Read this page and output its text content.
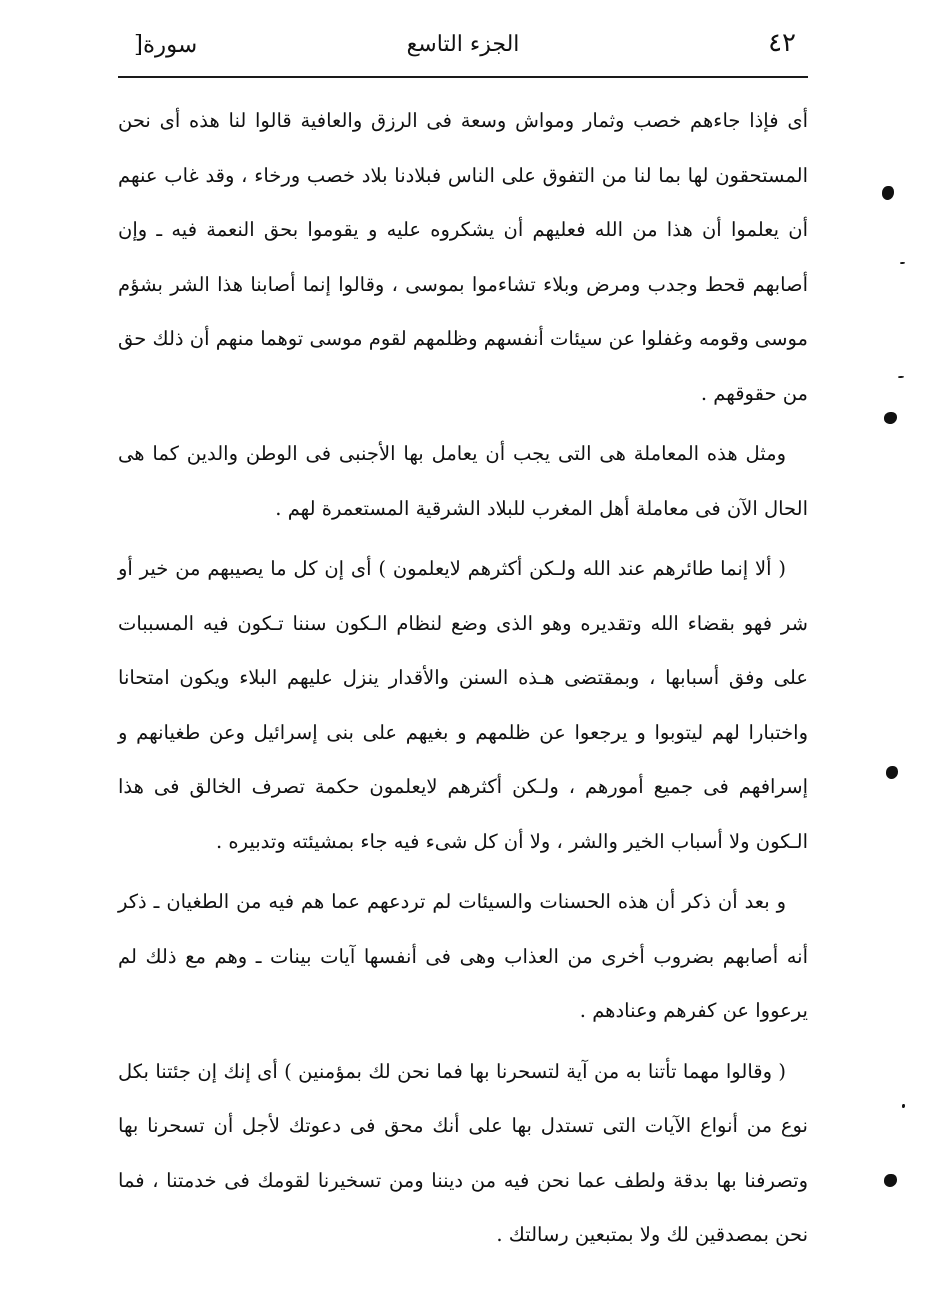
٤٢
الجزء التاسع
سورة[

أى فإذا جاءهم خصب وثمار ومواش وسعة فى الرزق والعافية قالوا لنا هذه أى نحن المستحقون لها بما لنا من التفوق على الناس فبلادنا بلاد خصب ورخاء ، وقد غاب عنهم أن يعلموا أن هذا من الله فعليهم أن يشكروه عليه و يقوموا بحق النعمة فيه ـ وإن أصابهم قحط وجدب ومرض وبلاء تشاءموا بموسى ، وقالوا إنما أصابنا هذا الشر بشؤم موسى وقومه وغفلوا عن سيئات أنفسهم وظلمهم لقوم موسى توهما منهم أن ذلك حق من حقوقهم .

ومثل هذه المعاملة هى التى يجب أن يعامل بها الأجنبى فى الوطن والدين كما هى الحال الآن فى معاملة أهل المغرب للبلاد الشرقية المستعمرة لهم .

( ألا إنما طائرهم عند الله ولـكن أكثرهم لايعلمون ) أى إن كل ما يصيبهم من خير أو شر فهو بقضاء الله وتقديره وهو الذى وضع لنظام الـكون سننا تـكون فيه المسببات على وفق أسبابها ، وبمقتضى هـذه السنن والأقدار ينزل عليهم البلاء ويكون امتحانا واختبارا لهم ليتوبوا و يرجعوا عن ظلمهم و بغيهم على بنى إسرائيل وعن طغيانهم و إسرافهم فى جميع أمورهم ، ولـكن أكثرهم لايعلمون حكمة تصرف الخالق فى هذا الـكون ولا أسباب الخير والشر ، ولا أن كل شىء فيه جاء بمشيئته وتدبيره .

و بعد أن ذكر أن هذه الحسنات والسيئات لم تردعهم عما هم فيه من الطغيان ـ ذكر أنه أصابهم بضروب أخرى من العذاب وهى فى أنفسها آيات بينات ـ وهم مع ذلك لم يرعووا عن كفرهم وعنادهم .

( وقالوا مهما تأتنا به من آية لتسحرنا بها فما نحن لك بمؤمنين ) أى إنك إن جئتنا بكل نوع من أنواع الآيات التى تستدل بها على أنك محق فى دعوتك لأجل أن تسحرنا بها وتصرفنا بها بدقة ولطف عما نحن فيه من ديننا ومن تسخيرنا لقومك فى خدمتنا ، فما نحن بمصدقين لك ولا بمتبعين رسالتك .
